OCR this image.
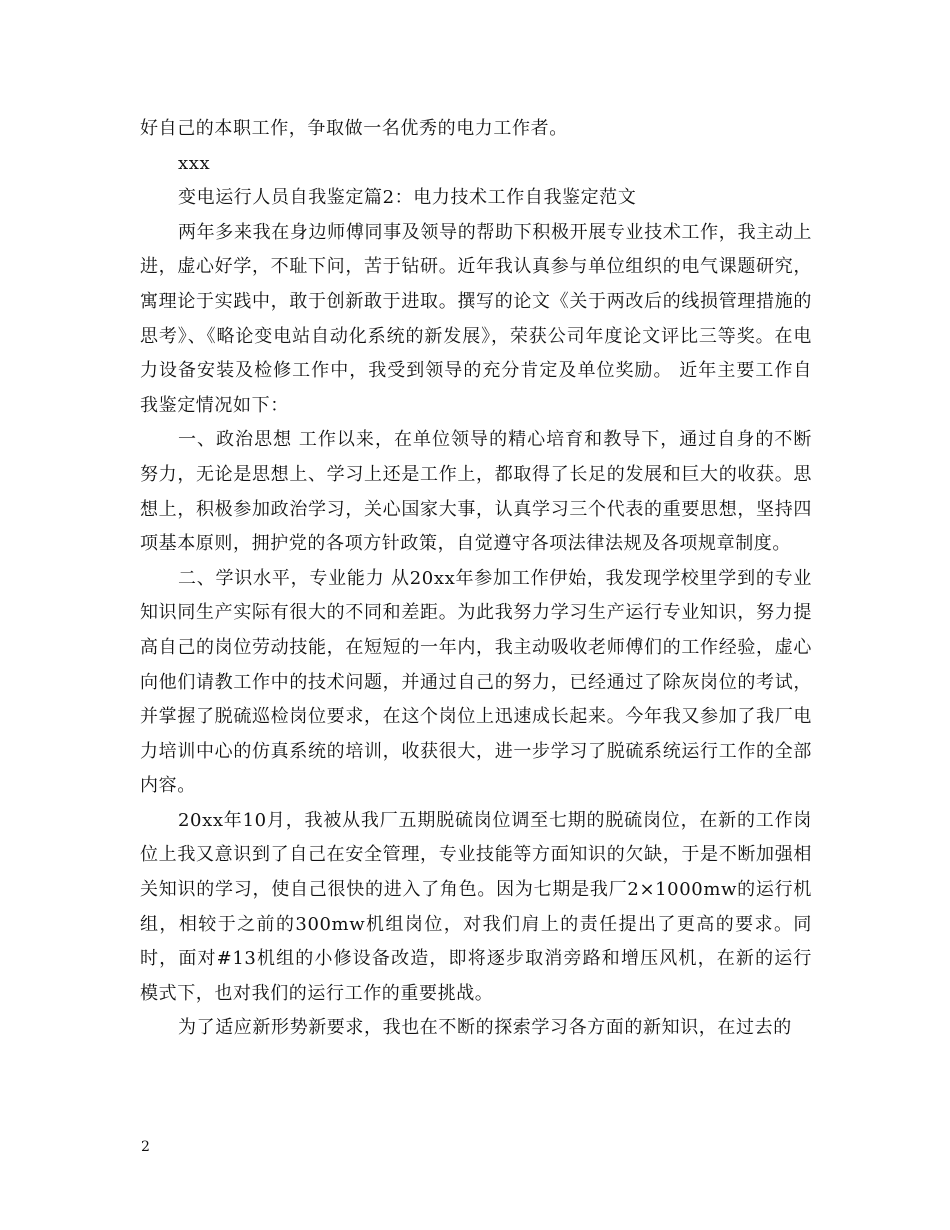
好自己的本职工作，争取做一名优秀的电力工作者。

xxx

变电运行人员自我鉴定篇2：电力技术工作自我鉴定范文

两年多来我在身边师傅同事及领导的帮助下积极开展专业技术工作，我主动上进，虚心好学，不耻下问，苦于钻研。近年我认真参与单位组织的电气课题研究，寓理论于实践中，敢于创新敢于进取。撰写的论文《关于两改后的线损管理措施的思考》、《略论变电站自动化系统的新发展》，荣获公司年度论文评比三等奖。在电力设备安装及检修工作中，我受到领导的充分肯定及单位奖励。 近年主要工作自我鉴定情况如下：

一、政治思想 工作以来，在单位领导的精心培育和教导下，通过自身的不断努力，无论是思想上、学习上还是工作上，都取得了长足的发展和巨大的收获。思想上，积极参加政治学习，关心国家大事，认真学习三个代表的重要思想，坚持四项基本原则，拥护党的各项方针政策，自觉遵守各项法律法规及各项规章制度。

二、学识水平，专业能力 从20xx年参加工作伊始，我发现学校里学到的专业知识同生产实际有很大的不同和差距。为此我努力学习生产运行专业知识，努力提高自己的岗位劳动技能，在短短的一年内，我主动吸收老师傅们的工作经验，虚心向他们请教工作中的技术问题，并通过自己的努力，已经通过了除灰岗位的考试，并掌握了脱硫巡检岗位要求，在这个岗位上迅速成长起来。今年我又参加了我厂电力培训中心的仿真系统的培训，收获很大，进一步学习了脱硫系统运行工作的全部内容。

20xx年10月，我被从我厂五期脱硫岗位调至七期的脱硫岗位，在新的工作岗位上我又意识到了自己在安全管理，专业技能等方面知识的欠缺，于是不断加强相关知识的学习，使自己很快的进入了角色。因为七期是我厂2×1000mw的运行机组，相较于之前的300mw机组岗位，对我们肩上的责任提出了更高的要求。同时，面对#13机组的小修设备改造，即将逐步取消旁路和增压风机，在新的运行模式下，也对我们的运行工作的重要挑战。

为了适应新形势新要求，我也在不断的探索学习各方面的新知识，在过去的

2
